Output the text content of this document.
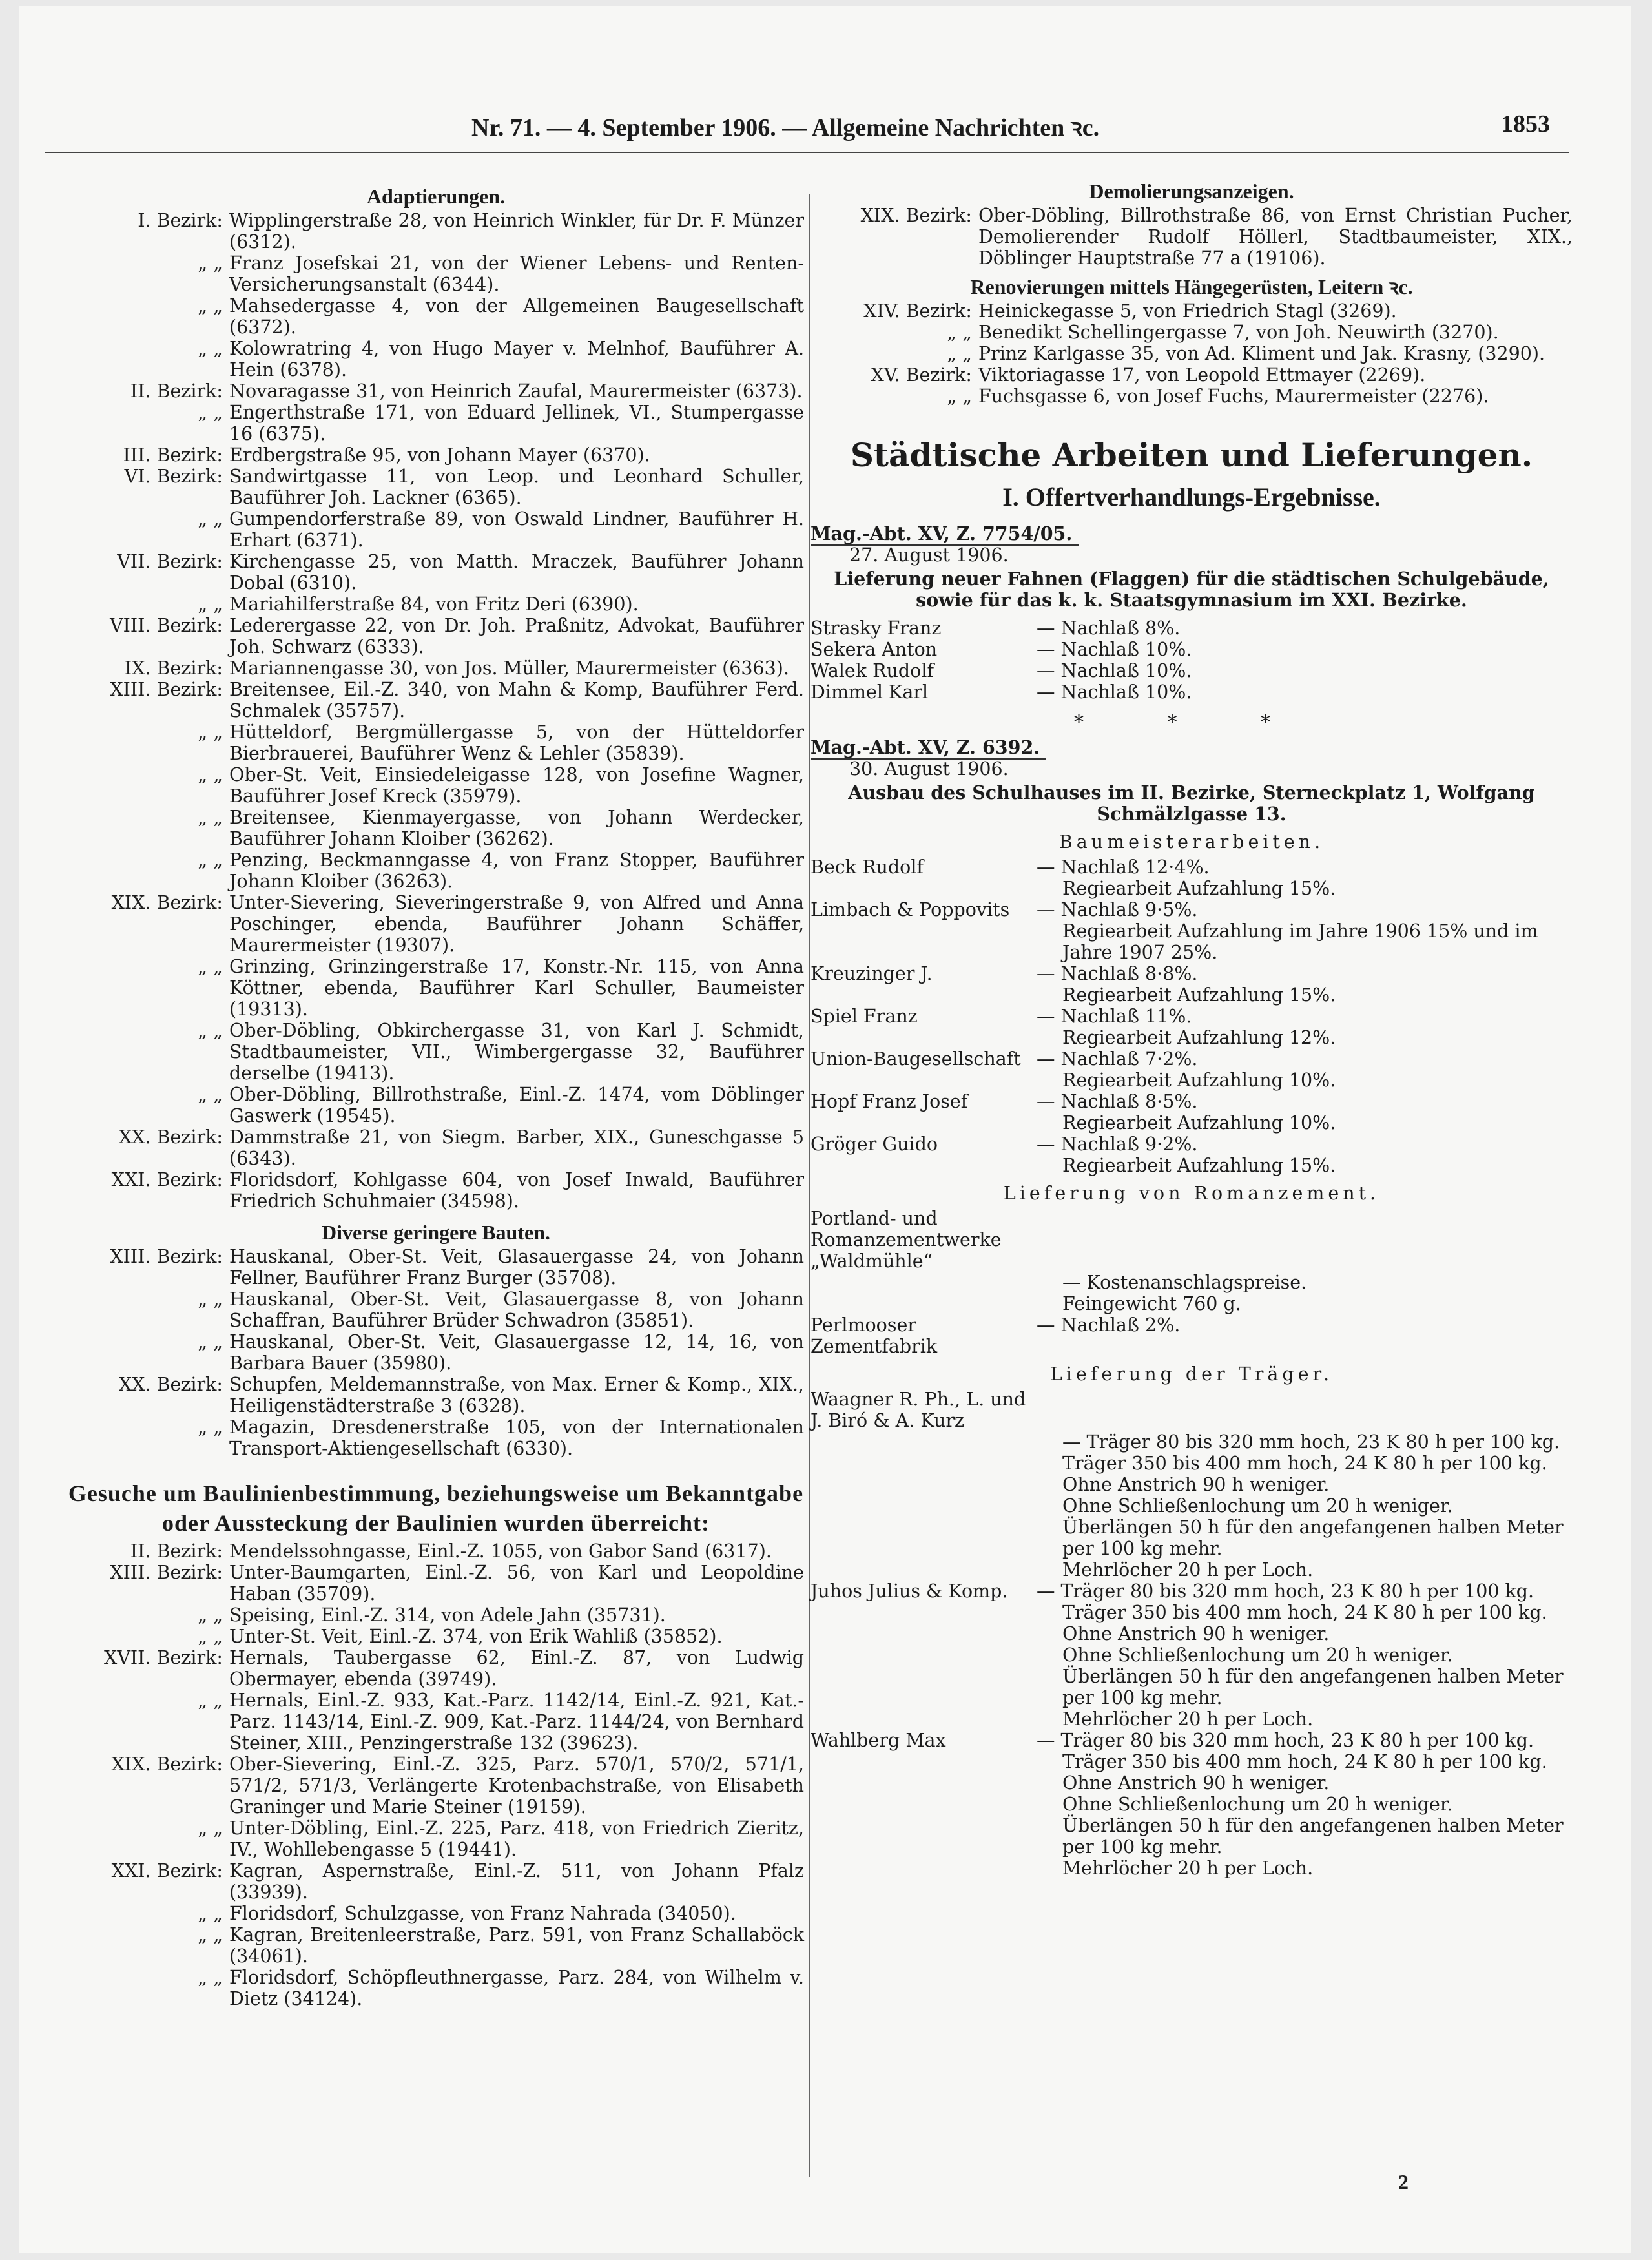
Nr. 71. — 4. September 1906. — Allgemeine Nachrichten ꝛc.	1853
Adaptierungen.
I. Bezirk: Wipplingerstraße 28, von Heinrich Winkler, für Dr. F. Münzer (6312).
„ „ Franz Josefskai 21, von der Wiener Lebens- und Renten-Versicherungsanstalt (6344).
„ „ Mahsedergasse 4, von der Allgemeinen Baugesellschaft (6372).
„ „ Kolowratring 4, von Hugo Mayer v. Melnhof, Bauführer A. Hein (6378).
II. Bezirk: Novaragasse 31, von Heinrich Zaufal, Maurermeister (6373).
„ „ Engerthstraße 171, von Eduard Jellinek, VI., Stumpergasse 16 (6375).
III. Bezirk: Erdbergstraße 95, von Johann Mayer (6370).
VI. Bezirk: Sandwirtgasse 11, von Leop. und Leonhard Schuller, Bauführer Joh. Lackner (6365).
„ „ Gumpendorferstraße 89, von Oswald Lindner, Bauführer H. Erhart (6371).
VII. Bezirk: Kirchengasse 25, von Matth. Mraczek, Bauführer Johann Dobal (6310).
„ „ Mariahilferstraße 84, von Fritz Deri (6390).
VIII. Bezirk: Lederergasse 22, von Dr. Joh. Praßnitz, Advokat, Bauführer Joh. Schwarz (6333).
IX. Bezirk: Mariannengasse 30, von Jos. Müller, Maurermeister (6363).
XIII. Bezirk: Breitensee, Eil.-Z. 340, von Mahn & Komp, Bauführer Ferd. Schmalek (35757).
„ „ Hütteldorf, Bergmüllergasse 5, von der Hütteldorfer Bierbrauerei, Bauführer Wenz & Lehler (35839).
„ „ Ober-St. Veit, Einsiedeleigasse 128, von Josefine Wagner, Bauführer Josef Kreck (35979).
„ „ Breitensee, Kienmayergasse, von Johann Werdecker, Bauführer Johann Kloiber (36262).
„ „ Penzing, Beckmanngasse 4, von Franz Stopper, Bauführer Johann Kloiber (36263).
XIX. Bezirk: Unter-Sievering, Sieveringerstraße 9, von Alfred und Anna Poschinger, ebenda, Bauführer Johann Schäffer, Maurermeister (19307).
„ „ Grinzing, Grinzingerstraße 17, Konstr.-Nr. 115, von Anna Köttner, ebenda, Bauführer Karl Schuller, Baumeister (19313).
„ „ Ober-Döbling, Obkirchergasse 31, von Karl J. Schmidt, Stadtbaumeister, VII., Wimbergergasse 32, Bauführer derselbe (19413).
„ „ Ober-Döbling, Billrothstraße, Einl.-Z. 1474, vom Döblinger Gaswerk (19545).
XX. Bezirk: Dammstraße 21, von Siegm. Barber, XIX., Guneschgasse 5 (6343).
XXI. Bezirk: Floridsdorf, Kohlgasse 604, von Josef Inwald, Bauführer Friedrich Schuhmaier (34598).
Diverse geringere Bauten.
XIII. Bezirk: Hauskanal, Ober-St. Veit, Glasauergasse 24, von Johann Fellner, Bauführer Franz Burger (35708).
„ „ Hauskanal, Ober-St. Veit, Glasauergasse 8, von Johann Schaffran, Bauführer Brüder Schwadron (35851).
„ „ Hauskanal, Ober-St. Veit, Glasauergasse 12, 14, 16, von Barbara Bauer (35980).
XX. Bezirk: Schupfen, Meldemannstraße, von Max. Erner & Komp., XIX., Heiligenstädterstraße 3 (6328).
„ „ Magazin, Dresdenerstraße 105, von der Internationalen Transport-Aktiengesellschaft (6330).
Gesuche um Baulinienbestimmung, beziehungsweise um Bekanntgabe oder Aussteckung der Baulinien wurden überreicht:
II. Bezirk: Mendelssohngasse, Einl.-Z. 1055, von Gabor Sand (6317).
XIII. Bezirk: Unter-Baumgarten, Einl.-Z. 56, von Karl und Leopoldine Haban (35709).
„ „ Speising, Einl.-Z. 314, von Adele Jahn (35731).
„ „ Unter-St. Veit, Einl.-Z. 374, von Erik Wahliß (35852).
XVII. Bezirk: Hernals, Taubergasse 62, Einl.-Z. 87, von Ludwig Obermayer, ebenda (39749).
„ „ Hernals, Einl.-Z. 933, Kat.-Parz. 1142/14, Einl.-Z. 921, Kat.-Parz. 1143/14, Einl.-Z. 909, Kat.-Parz. 1144/24, von Bernhard Steiner, XIII., Penzingerstraße 132 (39623).
XIX. Bezirk: Ober-Sievering, Einl.-Z. 325, Parz. 570/1, 570/2, 571/1, 571/2, 571/3, Verlängerte Krotenbachstraße, von Elisabeth Graninger und Marie Steiner (19159).
„ „ Unter-Döbling, Einl.-Z. 225, Parz. 418, von Friedrich Zieritz, IV., Wohllebengasse 5 (19441).
XXI. Bezirk: Kagran, Aspernstraße, Einl.-Z. 511, von Johann Pfalz (33939).
„ „ Floridsdorf, Schulzgasse, von Franz Nahrada (34050).
„ „ Kagran, Breitenleerstraße, Parz. 591, von Franz Schallaböck (34061).
„ „ Floridsdorf, Schöpfleuthnergasse, Parz. 284, von Wilhelm v. Dietz (34124).
Demolierungsanzeigen.
XIX. Bezirk: Ober-Döbling, Billrothstraße 86, von Ernst Christian Pucher, Demolierender Rudolf Höllerl, Stadtbaumeister, XIX., Döblinger Hauptstraße 77 a (19106).
Renovierungen mittels Hängegerüsten, Leitern ꝛc.
XIV. Bezirk: Heinickegasse 5, von Friedrich Stagl (3269).
„ „ Benedikt Schellingergasse 7, von Joh. Neuwirth (3270).
„ „ Prinz Karlgasse 35, von Ad. Kliment und Jak. Krasny, (3290).
XV. Bezirk: Viktoriagasse 17, von Leopold Ettmayer (2269).
„ „ Fuchsgasse 6, von Josef Fuchs, Maurermeister (2276).
Städtische Arbeiten und Lieferungen.
I. Offertverhandlungs-Ergebnisse.
Mag.-Abt. XV, Z. 7754/05.
27. August 1906.
Lieferung neuer Fahnen (Flaggen) für die städtischen Schulgebäude, sowie für das k. k. Staatsgymnasium im XXI. Bezirke.
Strasky Franz	— Nachlaß 8%.
Sekera Anton	— Nachlaß 10%.
Walek Rudolf	— Nachlaß 10%.
Dimmel Karl	— Nachlaß 10%.
* * *
Mag.-Abt. XV, Z. 6392.
30. August 1906.
Ausbau des Schulhauses im II. Bezirke, Sterneckplatz 1, Wolfgang Schmälzlgasse 13.
Baumeisterarbeiten.
Beck Rudolf	— Nachlaß 12·4%.
Regiearbeit Aufzahlung 15%.
Limbach & Poppovits	— Nachlaß 9·5%.
Regiearbeit Aufzahlung im Jahre 1906 15% und im Jahre 1907 25%.
Kreuzinger J.	— Nachlaß 8·8%.
Regiearbeit Aufzahlung 15%.
Spiel Franz	— Nachlaß 11%.
Regiearbeit Aufzahlung 12%.
Union-Baugesellschaft — Nachlaß 7·2%.
Regiearbeit Aufzahlung 10%.
Hopf Franz Josef	— Nachlaß 8·5%.
Regiearbeit Aufzahlung 10%.
Gröger Guido	— Nachlaß 9·2%.
Regiearbeit Aufzahlung 15%.
Lieferung von Romanzement.
Portland- und Romanzementwerke „Waldmühle“
— Kostenanschlagspreise.
Feingewicht 760 g.
Perlmooser Zementfabrik
— Nachlaß 2%.
Lieferung der Träger.
Waagner R. Ph., L. und J. Biró & A. Kurz
— Träger 80 bis 320 mm hoch, 23 K 80 h per 100 kg.
Träger 350 bis 400 mm hoch, 24 K 80 h per 100 kg.
Ohne Anstrich 90 h weniger.
Ohne Schließenlochung um 20 h weniger.
Überlängen 50 h für den angefangenen halben Meter per 100 kg mehr.
Mehrlöcher 20 h per Loch.
Juhos Julius & Komp.	— Träger 80 bis 320 mm hoch, 23 K 80 h per 100 kg.
Träger 350 bis 400 mm hoch, 24 K 80 h per 100 kg.
Ohne Anstrich 90 h weniger.
Ohne Schließenlochung um 20 h weniger.
Überlängen 50 h für den angefangenen halben Meter per 100 kg mehr.
Mehrlöcher 20 h per Loch.
Wahlberg Max	— Träger 80 bis 320 mm hoch, 23 K 80 h per 100 kg.
Träger 350 bis 400 mm hoch, 24 K 80 h per 100 kg.
Ohne Anstrich 90 h weniger.
Ohne Schließenlochung um 20 h weniger.
Überlängen 50 h für den angefangenen halben Meter per 100 kg mehr.
Mehrlöcher 20 h per Loch.
2
